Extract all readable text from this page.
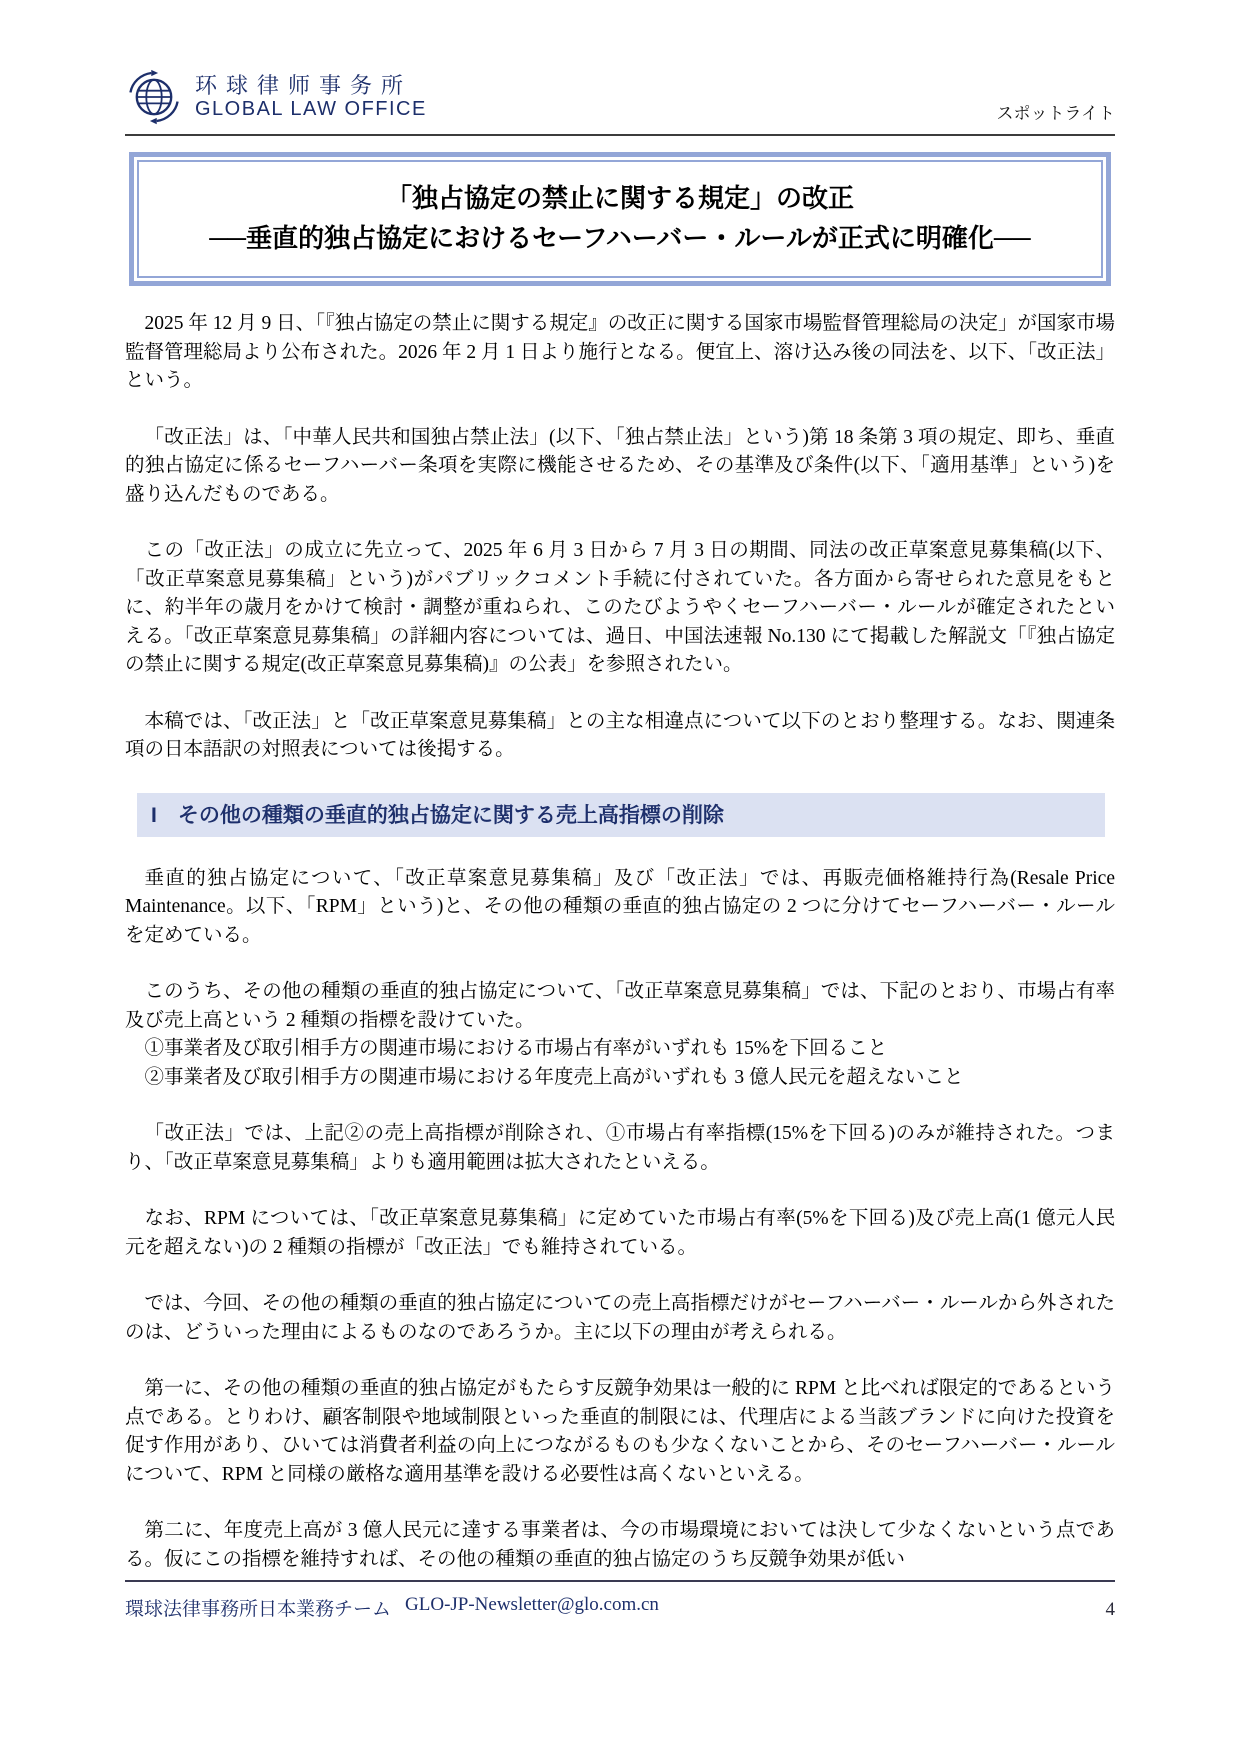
环球律师事务所
GLOBAL LAW OFFICE	スポットライト
「独占協定の禁止に関する規定」の改正
──垂直的独占協定におけるセーフハーバー・ルールが正式に明確化──

2025 年 12 月 9 日、「『独占協定の禁止に関する規定』の改正に関する国家市場監督管理総局の決定」が国家市場監督管理総局より公布された。2026 年 2 月 1 日より施行となる。便宜上、溶け込み後の同法を、以下、「改正法」という。

「改正法」は、「中華人民共和国独占禁止法」(以下、「独占禁止法」という)第 18 条第 3 項の規定、即ち、垂直的独占協定に係るセーフハーバー条項を実際に機能させるため、その基準及び条件(以下、「適用基準」という)を盛り込んだものである。

この「改正法」の成立に先立って、2025 年 6 月 3 日から 7 月 3 日の期間、同法の改正草案意見募集稿(以下、「改正草案意見募集稿」という)がパブリックコメント手続に付されていた。各方面から寄せられた意見をもとに、約半年の歳月をかけて検討・調整が重ねられ、このたびようやくセーフハーバー・ルールが確定されたといえる。「改正草案意見募集稿」の詳細内容については、過日、中国法速報 No.130 にて掲載した解説文「『独占協定の禁止に関する規定(改正草案意見募集稿)』の公表」を参照されたい。

本稿では、「改正法」と「改正草案意見募集稿」との主な相違点について以下のとおり整理する。なお、関連条項の日本語訳の対照表については後掲する。

I　その他の種類の垂直的独占協定に関する売上高指標の削除

垂直的独占協定について、「改正草案意見募集稿」及び「改正法」では、再販売価格維持行為(Resale Price Maintenance。以下、「RPM」という)と、その他の種類の垂直的独占協定の 2 つに分けてセーフハーバー・ルールを定めている。

このうち、その他の種類の垂直的独占協定について、「改正草案意見募集稿」では、下記のとおり、市場占有率及び売上高という 2 種類の指標を設けていた。

①事業者及び取引相手方の関連市場における市場占有率がいずれも 15%を下回ること

②事業者及び取引相手方の関連市場における年度売上高がいずれも 3 億人民元を超えないこと

「改正法」では、上記②の売上高指標が削除され、①市場占有率指標(15%を下回る)のみが維持された。つまり、「改正草案意見募集稿」よりも適用範囲は拡大されたといえる。

なお、RPM については、「改正草案意見募集稿」に定めていた市場占有率(5%を下回る)及び売上高(1 億元人民元を超えない)の 2 種類の指標が「改正法」でも維持されている。

では、今回、その他の種類の垂直的独占協定についての売上高指標だけがセーフハーバー・ルールから外されたのは、どういった理由によるものなのであろうか。主に以下の理由が考えられる。

第一に、その他の種類の垂直的独占協定がもたらす反競争効果は一般的に RPM と比べれば限定的であるという点である。とりわけ、顧客制限や地域制限といった垂直的制限には、代理店による当該ブランドに向けた投資を促す作用があり、ひいては消費者利益の向上につながるものも少なくないことから、そのセーフハーバー・ルールについて、RPM と同様の厳格な適用基準を設ける必要性は高くないといえる。

第二に、年度売上高が 3 億人民元に達する事業者は、今の市場環境においては決して少なくないという点である。仮にこの指標を維持すれば、その他の種類の垂直的独占協定のうち反競争効果が低い

環球法律事務所日本業務チーム GLO-JP-Newsletter@glo.com.cn	4
